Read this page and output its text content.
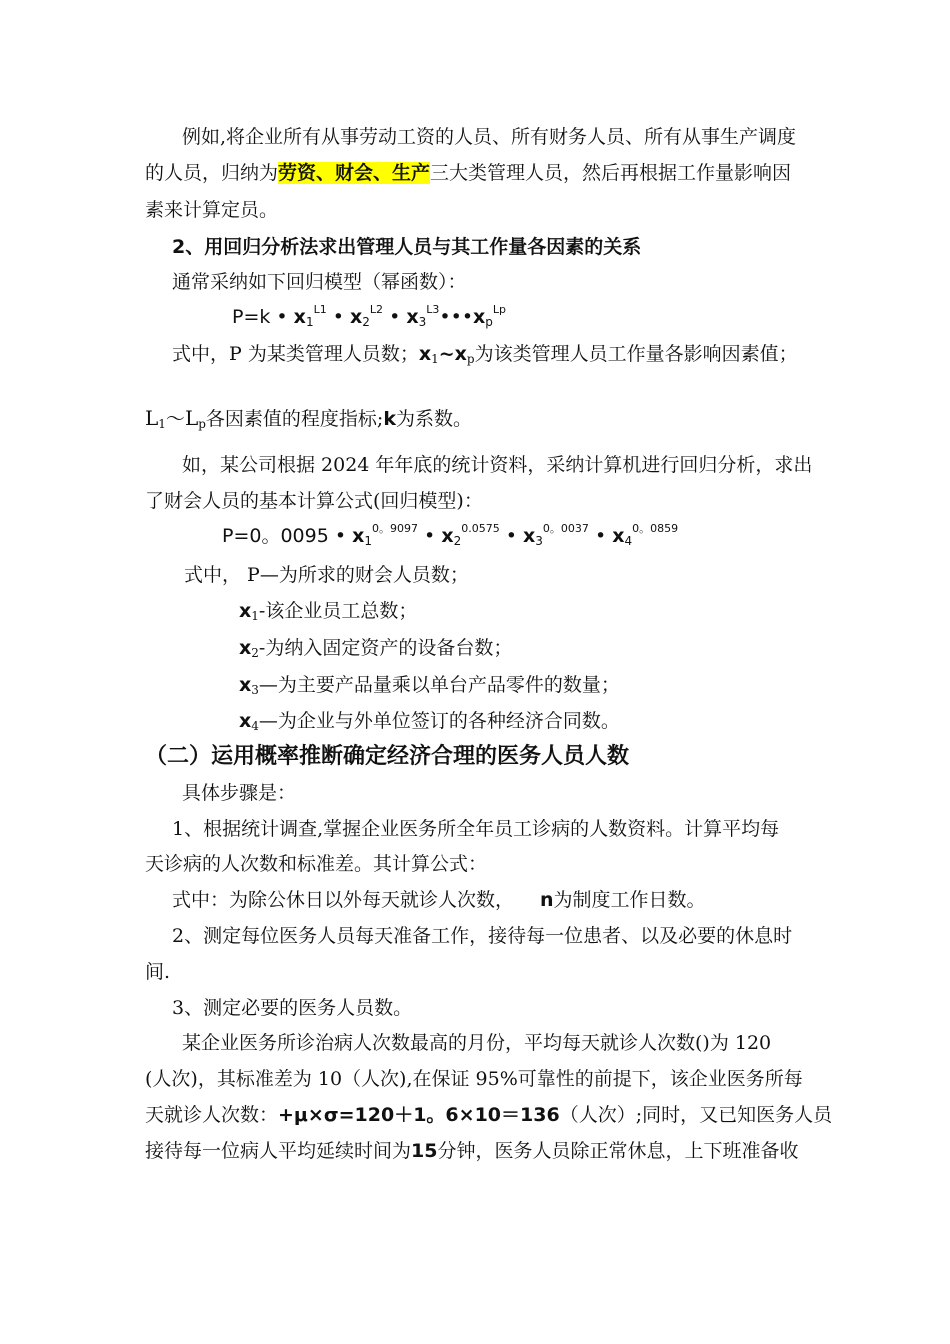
例如,将企业所有从事劳动工资的人员、所有财务人员、所有从事生产调度
的人员，归纳为劳资、财会、生产三大类管理人员，然后再根据工作量影响因
素来计算定员。
2、用回归分析法求出管理人员与其工作量各因素的关系
通常采纳如下回归模型（幂函数）：
P=k • $x_1^{L1}$ • $x_2^{L2}$ • $x_3^{L3}•••x_p^{Lp}$
式中，P 为某类管理人员数；$x_1\sim x_p$为该类管理人员工作量各影响因素值；
$L_1\sim L_p$各因素值的程度指标;k为系数。
如，某公司根据 2024 年年底的统计资料，采纳计算机进行回归分析，求出
了财会人员的基本计算公式(回归模型)：
P=0。0095 • $x_1^{0。9097}$ • $x_2^{0.0575}$ • $x_3^{0。0037}$ • $x_4^{0。0859}$
式中， P—为所求的财会人员数；
$x_1-$该企业员工总数；
$x_2-$为纳入固定资产的设备台数；
$x_3—$为主要产品量乘以单台产品零件的数量；
$x_4—$为企业与外单位签订的各种经济合同数。
（二）运用概率推断确定经济合理的医务人员人数
具体步骤是：
1、根据统计调查,掌握企业医务所全年员工诊病的人数资料。计算平均每
天诊病的人次数和标准差。其计算公式：
式中：为除公休日以外每天就诊人次数， n为制度工作日数。
2、测定每位医务人员每天准备工作，接待每一位患者、以及必要的休息时
间.
3、测定必要的医务人员数。
某企业医务所诊治病人次数最高的月份，平均每天就诊人次数()为 120
(人次)，其标准差为 10（人次),在保证 95%可靠性的前提下，该企业医务所每
天就诊人次数：+μ×σ=120＋1。6×10＝136（人次）;同时，又已知医务人员
接待每一位病人平均延续时间为15分钟，医务人员除正常休息，上下班准备收
